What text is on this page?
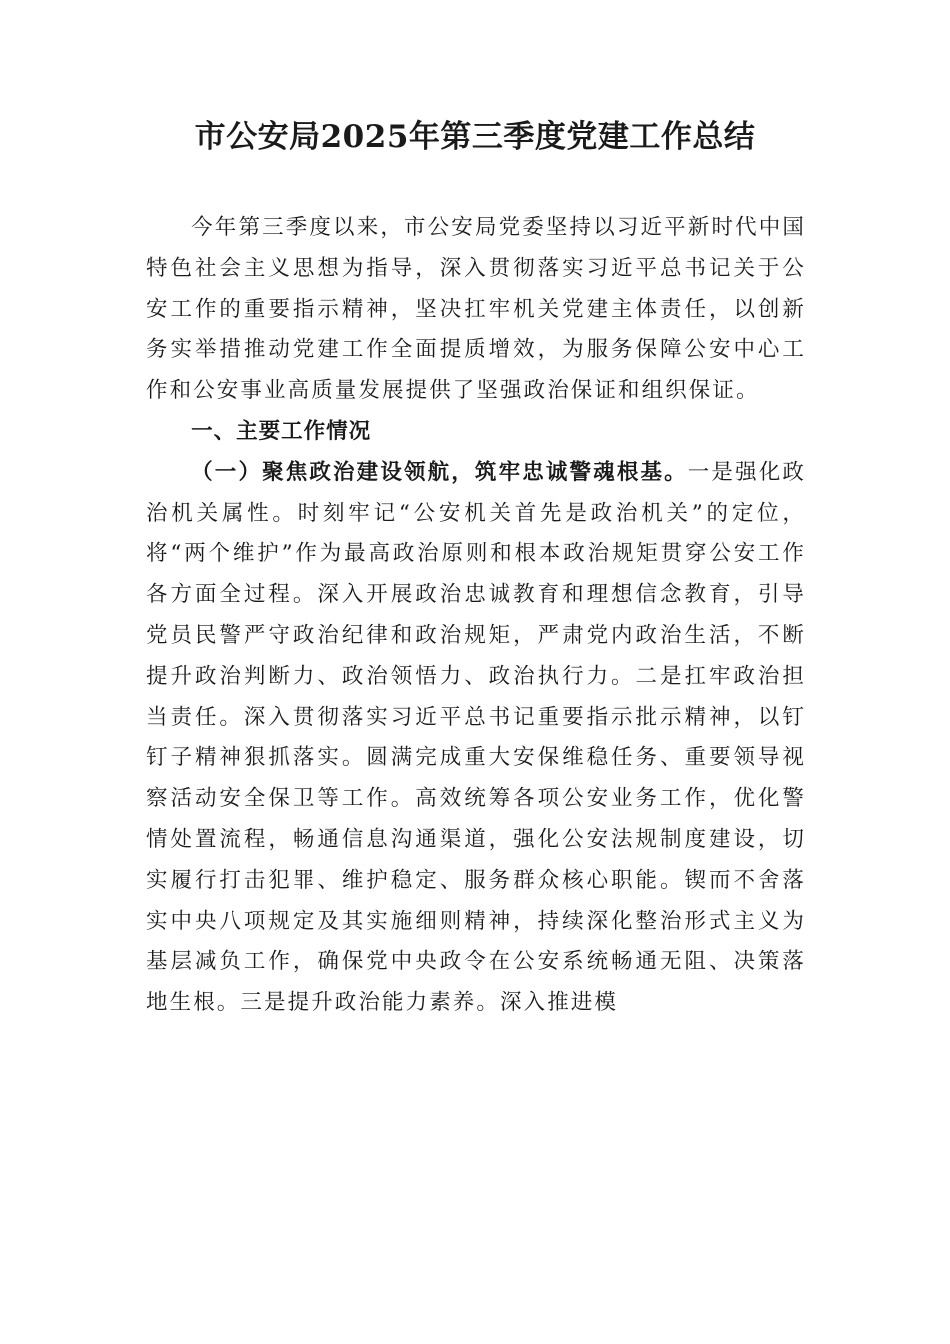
市公安局2025年第三季度党建工作总结

今年第三季度以来，市公安局党委坚持以习近平新时代中国特色社会主义思想为指导，深入贯彻落实习近平总书记关于公安工作的重要指示精神，坚决扛牢机关党建主体责任，以创新务实举措推动党建工作全面提质增效，为服务保障公安中心工作和公安事业高质量发展提供了坚强政治保证和组织保证。

一、主要工作情况

（一）聚焦政治建设领航，筑牢忠诚警魂根基。一是强化政治机关属性。时刻牢记“公安机关首先是政治机关”的定位，将“两个维护”作为最高政治原则和根本政治规矩贯穿公安工作各方面全过程。深入开展政治忠诚教育和理想信念教育，引导党员民警严守政治纪律和政治规矩，严肃党内政治生活，不断提升政治判断力、政治领悟力、政治执行力。二是扛牢政治担当责任。深入贯彻落实习近平总书记重要指示批示精神，以钉钉子精神狠抓落实。圆满完成重大安保维稳任务、重要领导视察活动安全保卫等工作。高效统筹各项公安业务工作，优化警情处置流程，畅通信息沟通渠道，强化公安法规制度建设，切实履行打击犯罪、维护稳定、服务群众核心职能。锲而不舍落实中央八项规定及其实施细则精神，持续深化整治形式主义为基层减负工作，确保党中央政令在公安系统畅通无阻、决策落地生根。三是提升政治能力素养。深入推进模
